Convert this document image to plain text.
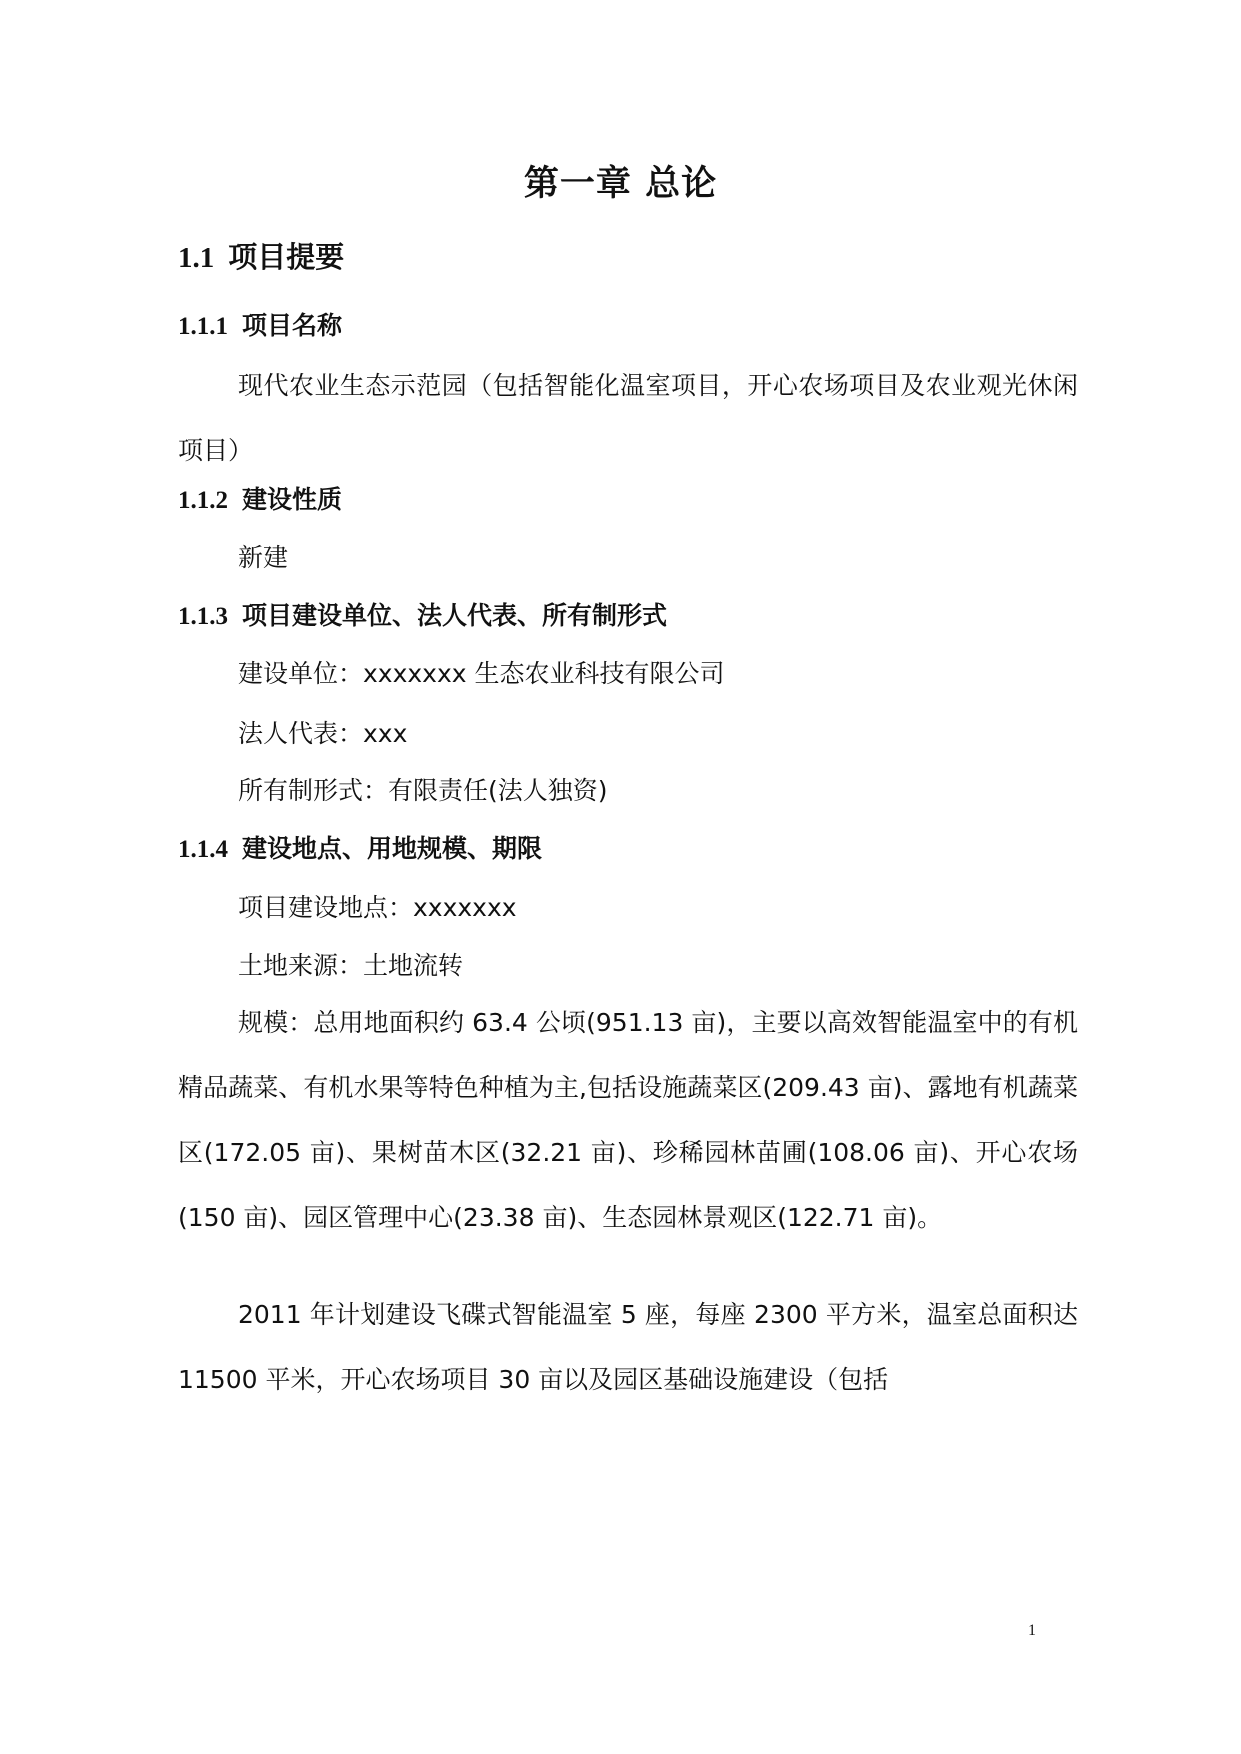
第一章 总论
1.1 项目提要
1.1.1 项目名称
现代农业生态示范园（包括智能化温室项目，开心农场项目及农业观光休闲项目）
1.1.2 建设性质
新建
1.1.3 项目建设单位、法人代表、所有制形式
建设单位：xxxxxxx 生态农业科技有限公司
法人代表：xxx
所有制形式：有限责任(法人独资)
1.1.4 建设地点、用地规模、期限
项目建设地点：xxxxxxx
土地来源：土地流转
规模：总用地面积约 63.4 公顷(951.13 亩)，主要以高效智能温室中的有机精品蔬菜、有机水果等特色种植为主,包括设施蔬菜区(209.43 亩)、露地有机蔬菜区(172.05 亩)、果树苗木区(32.21 亩)、珍稀园林苗圃(108.06 亩)、开心农场(150 亩)、园区管理中心(23.38 亩)、生态园林景观区(122.71 亩)。
2011 年计划建设飞碟式智能温室 5 座，每座 2300 平方米，温室总面积达 11500 平米，开心农场项目 30 亩以及园区基础设施建设（包括
1
